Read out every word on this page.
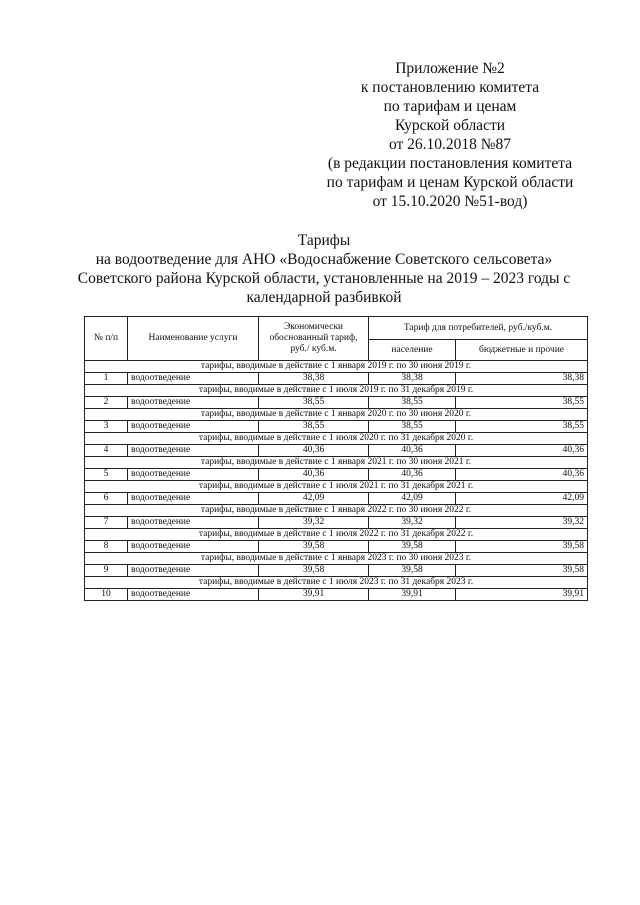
Приложение №2
к постановлению комитета
по тарифам и ценам
Курской области
от 26.10.2018 №87
(в редакции постановления комитета
по тарифам и ценам Курской области
от 15.10.2020 №51-вод)
Тарифы
на водоотведение для АНО «Водоснабжение Советского сельсовета»
Советского района Курской области, установленные на 2019 – 2023 годы с
календарной разбивкой
№ п/п	Наименование услуги	Экономически обоснованный тариф, руб./ куб.м.	Тариф для потребителей, руб./куб.м.	
			население	бюджетные и прочие
тарифы, вводимые в действие с 1 января 2019 г. по 30 июня 2019 г.				
1	водоотведение	38,38	38,38	38,38
тарифы, вводимые в действие с 1 июля 2019 г. по 31 декабря 2019 г.				
2	водоотведение	38,55	38,55	38,55
тарифы, вводимые в действие с 1 января 2020 г. по 30 июня 2020 г.				
3	водоотведение	38,55	38,55	38,55
тарифы, вводимые в действие с 1 июля 2020 г. по 31 декабря 2020 г.				
4	водоотведение	40,36	40,36	40,36
тарифы, вводимые в действие с 1 января 2021 г. по 30 июня 2021 г.				
5	водоотведение	40,36	40,36	40,36
тарифы, вводимые в действие с 1 июля 2021 г. по 31 декабря 2021 г.				
6	водоотведение	42,09	42,09	42,09
тарифы, вводимые в действие с 1 января 2022 г. по 30 июня 2022 г.				
7	водоотведение	39,32	39,32	39,32
тарифы, вводимые в действие с 1 июля 2022 г. по 31 декабря 2022 г.				
8	водоотведение	39,58	39,58	39,58
тарифы, вводимые в действие с 1 января 2023 г. по 30 июня 2023 г.				
9	водоотведение	39,58	39,58	39,58
тарифы, вводимые в действие с 1 июля 2023 г. по 31 декабря 2023 г.				
10	водоотведение	39,91	39,91	39,91
